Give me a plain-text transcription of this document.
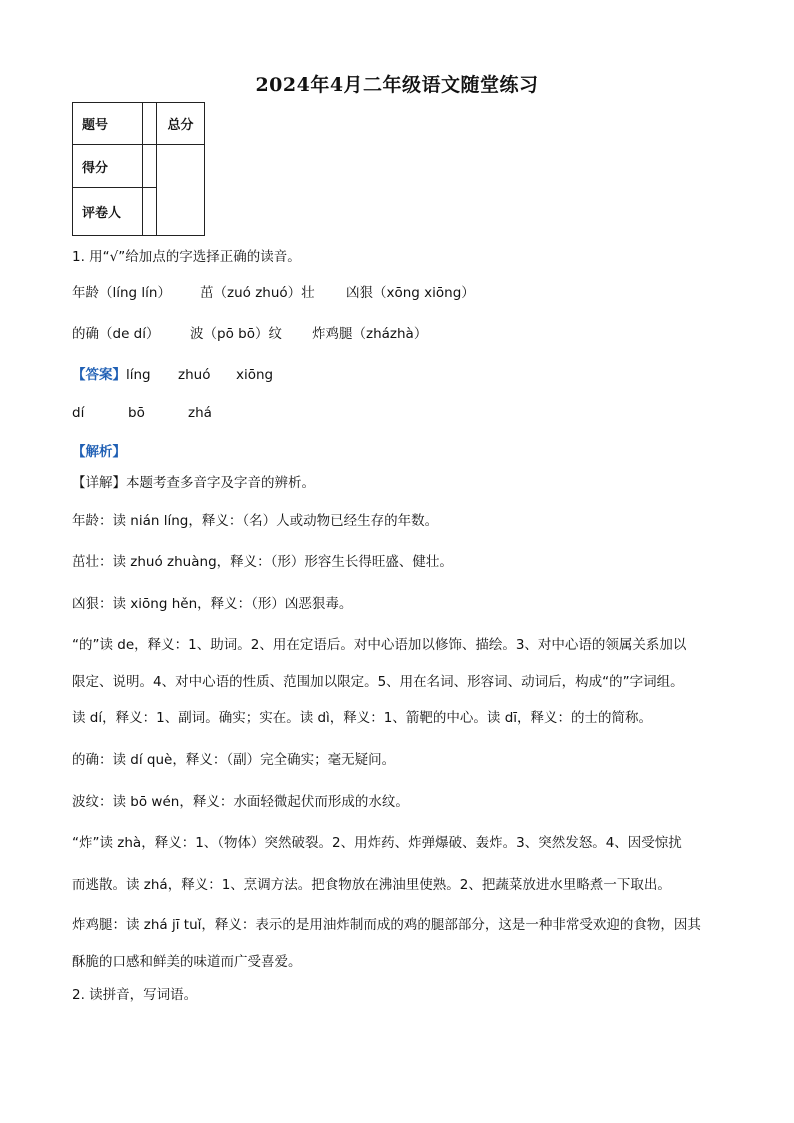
2024年4月二年级语文随堂练习
题号		总分
得分		
评卷人		
1. 用“√”给加点的字选择正确的读音。
年龄（líng lín） 茁（zuó zhuó）壮 凶狠（xōng xiōng）
的确（de dí） 波（pō bō）纹 炸鸡腿（zházhà）
【答案】líng zhuó xiōng
dí	bō	zhá
【解析】
【详解】本题考查多音字及字音的辨析。
年龄：读 nián líng，释义：（名）人或动物已经生存的年数。
茁壮：读 zhuó zhuàng，释义：（形）形容生长得旺盛、健壮。
凶狠：读 xiōng hěn，释义：（形）凶恶狠毒。
“的”读 de，释义：1、助词。2、用在定语后。对中心语加以修饰、描绘。3、对中心语的领属关系加以
限定、说明。4、对中心语的性质、范围加以限定。5、用在名词、形容词、动词后，构成“的”字词组。
读 dí，释义：1、副词。确实；实在。读 dì，释义：1、箭靶的中心。读 dī，释义：的士的简称。
的确：读 dí què，释义：（副）完全确实；毫无疑问。
波纹：读 bō wén，释义：水面轻微起伏而形成的水纹。
“炸”读 zhà，释义：1、（物体）突然破裂。2、用炸药、炸弹爆破、轰炸。3、突然发怒。4、因受惊扰
而逃散。读 zhá，释义：1、烹调方法。把食物放在沸油里使熟。2、把蔬菜放进水里略煮一下取出。
炸鸡腿：读 zhá jī tuǐ，释义：表示的是用油炸制而成的鸡的腿部部分，这是一种非常受欢迎的食物，因其
酥脆的口感和鲜美的味道而广受喜爱。
2. 读拼音，写词语。
